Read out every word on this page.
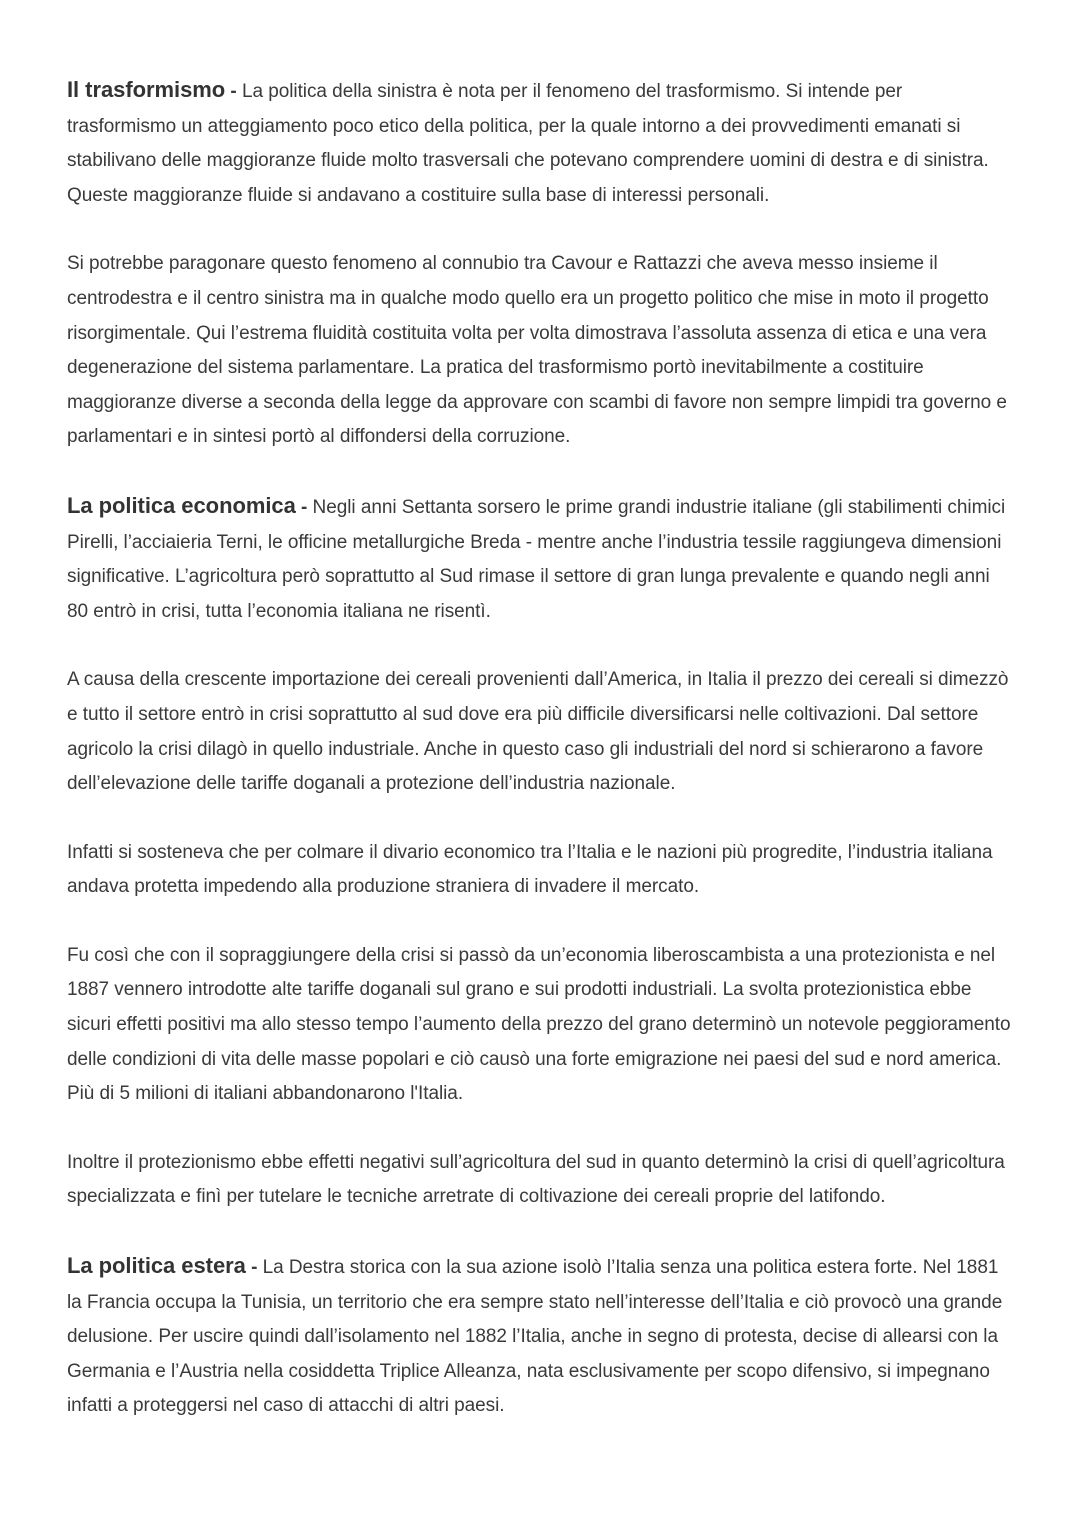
Il trasformismo - La politica della sinistra è nota per il fenomeno del trasformismo. Si intende per trasformismo un atteggiamento poco etico della politica, per la quale intorno a dei provvedimenti emanati si stabilivano delle maggioranze fluide molto trasversali che potevano comprendere uomini di destra e di sinistra. Queste maggioranze fluide si andavano a costituire sulla base di interessi personali.

Si potrebbe paragonare questo fenomeno al connubio tra Cavour e Rattazzi che aveva messo insieme il centrodestra e il centro sinistra ma in qualche modo quello era un progetto politico che mise in moto il progetto risorgimentale. Qui l’estrema fluidità costituita volta per volta dimostrava l’assoluta assenza di etica e una vera degenerazione del sistema parlamentare. La pratica del trasformismo portò inevitabilmente a costituire maggioranze diverse a seconda della legge da approvare con scambi di favore non sempre limpidi tra governo e parlamentari e in sintesi portò al diffondersi della corruzione.

La politica economica - Negli anni Settanta sorsero le prime grandi industrie italiane (gli stabilimenti chimici Pirelli, l’acciaieria Terni, le officine metallurgiche Breda - mentre anche l’industria tessile raggiungeva dimensioni significative. L’agricoltura però soprattutto al Sud rimase il settore di gran lunga prevalente e quando negli anni 80 entrò in crisi, tutta l’economia italiana ne risentì.

A causa della crescente importazione dei cereali provenienti dall’America, in Italia il prezzo dei cereali si dimezzò e tutto il settore entrò in crisi soprattutto al sud dove era più difficile diversificarsi nelle coltivazioni. Dal settore agricolo la crisi dilagò in quello industriale. Anche in questo caso gli industriali del nord si schierarono a favore dell’elevazione delle tariffe doganali a protezione dell’industria nazionale.

Infatti si sosteneva che per colmare il divario economico tra l’Italia e le nazioni più progredite, l’industria italiana andava protetta impedendo alla produzione straniera di invadere il mercato.

Fu così che con il sopraggiungere della crisi si passò da un’economia liberoscambista a una protezionista e nel 1887 vennero introdotte alte tariffe doganali sul grano e sui prodotti industriali. La svolta protezionistica ebbe sicuri effetti positivi ma allo stesso tempo l’aumento della prezzo del grano determinò un notevole peggioramento delle condizioni di vita delle masse popolari e ciò causò una forte emigrazione nei paesi del sud e nord america. Più di 5 milioni di italiani abbandonarono l'Italia.

Inoltre il protezionismo ebbe effetti negativi sull’agricoltura del sud in quanto determinò la crisi di quell’agricoltura specializzata e finì per tutelare le tecniche arretrate di coltivazione dei cereali proprie del latifondo.

La politica estera - La Destra storica con la sua azione isolò l’Italia senza una politica estera forte. Nel 1881 la Francia occupa la Tunisia, un territorio che era sempre stato nell’interesse dell’Italia e ciò provocò una grande delusione. Per uscire quindi dall’isolamento nel 1882 l’Italia, anche in segno di protesta, decise di allearsi con la Germania e l’Austria nella cosiddetta Triplice Alleanza, nata esclusivamente per scopo difensivo, si impegnano infatti a proteggersi nel caso di attacchi di altri paesi.
